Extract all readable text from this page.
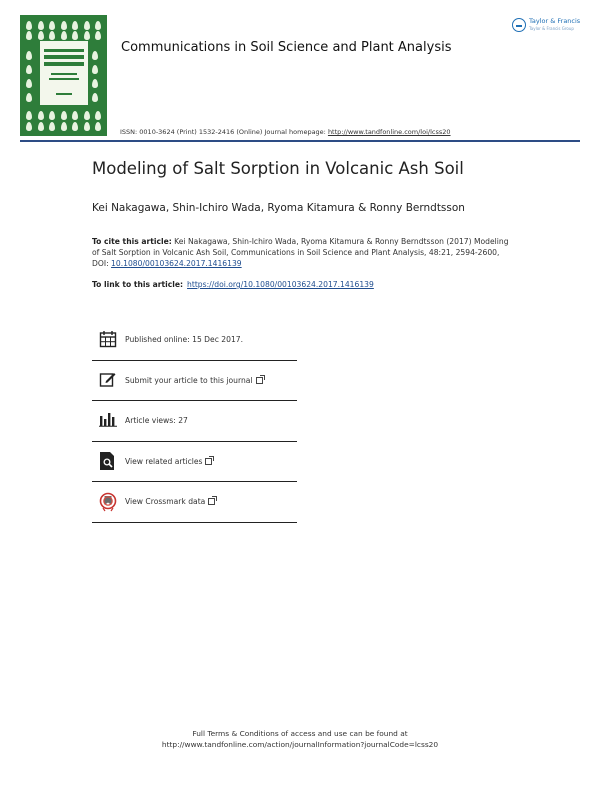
Communications in Soil Science and Plant Analysis
Taylor & Francis
Taylor & Francis Group
ISSN: 0010-3624 (Print) 1532-2416 (Online) Journal homepage: http://www.tandfonline.com/loi/lcss20
Modeling of Salt Sorption in Volcanic Ash Soil
Kei Nakagawa, Shin-Ichiro Wada, Ryoma Kitamura & Ronny Berndtsson
To cite this article: Kei Nakagawa, Shin-Ichiro Wada, Ryoma Kitamura & Ronny Berndtsson (2017) Modeling of Salt Sorption in Volcanic Ash Soil, Communications in Soil Science and Plant Analysis, 48:21, 2594-2600, DOI: 10.1080/00103624.2017.1416139
To link to this article: https://doi.org/10.1080/00103624.2017.1416139
Published online: 15 Dec 2017.
Submit your article to this journal
Article views: 27
View related articles
View Crossmark data
Full Terms & Conditions of access and use can be found at
http://www.tandfonline.com/action/journalInformation?journalCode=lcss20
